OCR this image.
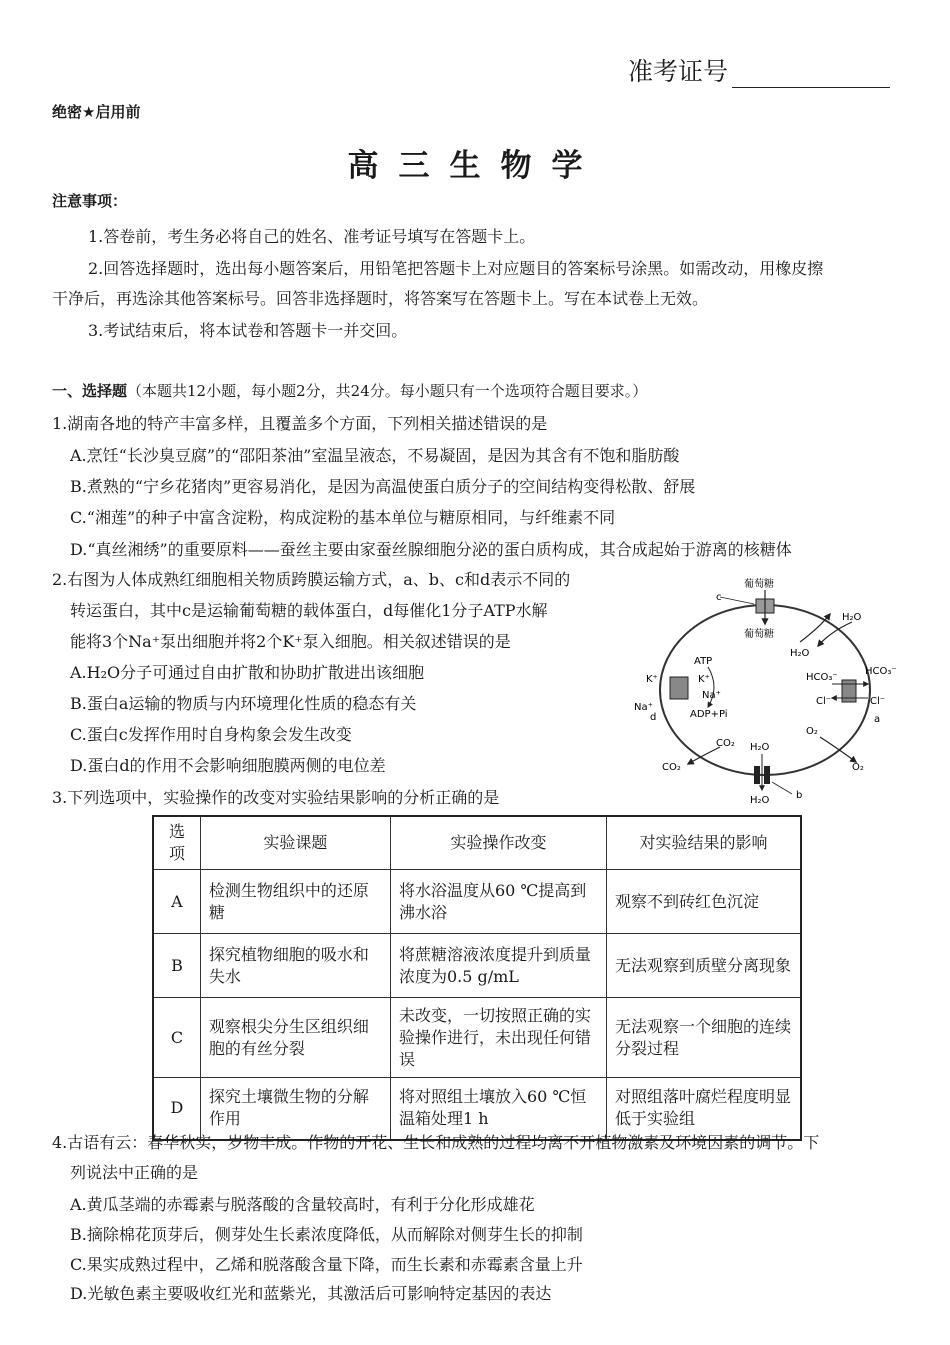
准考证号
绝密★启用前
高三生物学
注意事项：
1.答卷前，考生务必将自己的姓名、准考证号填写在答题卡上。
2.回答选择题时，选出每小题答案后，用铅笔把答题卡上对应题目的答案标号涂黑。如需改动，用橡皮擦
干净后，再选涂其他答案标号。回答非选择题时，将答案写在答题卡上。写在本试卷上无效。
3.考试结束后，将本试卷和答题卡一并交回。
一、选择题（本题共12小题，每小题2分，共24分。每小题只有一个选项符合题目要求。）
1.湖南各地的特产丰富多样，且覆盖多个方面，下列相关描述错误的是
A.烹饪“长沙臭豆腐”的“邵阳茶油”室温呈液态，不易凝固，是因为其含有不饱和脂肪酸
B.煮熟的“宁乡花猪肉”更容易消化，是因为高温使蛋白质分子的空间结构变得松散、舒展
C.“湘莲”的种子中富含淀粉，构成淀粉的基本单位与糖原相同，与纤维素不同
D.“真丝湘绣”的重要原料——蚕丝主要由家蚕丝腺细胞分泌的蛋白质构成，其合成起始于游离的核糖体
2.右图为人体成熟红细胞相关物质跨膜运输方式，a、b、c和d表示不同的
转运蛋白，其中c是运输葡萄糖的载体蛋白，d每催化1分子ATP水解
能将3个Na⁺泵出细胞并将2个K⁺泵入细胞。相关叙述错误的是
A.H₂O分子可通过自由扩散和协助扩散进出该细胞
B.蛋白a运输的物质与内环境理化性质的稳态有关
C.蛋白c发挥作用时自身构象会发生改变
D.蛋白d的作用不会影响细胞膜两侧的电位差
葡萄糖
葡萄糖
c
H₂O
H₂O
ATP
ADP+Pi
K⁺	K⁺
Na⁺
Na⁺
d
HCO₃⁻
HCO₃⁻
Cl⁻	Cl⁻
a
O₂
O₂
CO₂
CO₂
H₂O
H₂O	b
3.下列选项中，实验操作的改变对实验结果影响的分析正确的是
选项	实验课题	实验操作改变	对实验结果的影响
A	检测生物组织中的还原糖	将水浴温度从60 ℃提高到沸水浴	观察不到砖红色沉淀
B	探究植物细胞的吸水和失水	将蔗糖溶液浓度提升到质量浓度为0.5 g/mL	无法观察到质壁分离现象
C	观察根尖分生区组织细胞的有丝分裂	未改变，一切按照正确的实验操作进行，未出现任何错误	无法观察一个细胞的连续分裂过程
D	探究土壤微生物的分解作用	将对照组土壤放入60 ℃恒温箱处理1 h	对照组落叶腐烂程度明显低于实验组
4.古语有云：春华秋实，岁物丰成。作物的开花、生长和成熟的过程均离不开植物激素及环境因素的调节。下
列说法中正确的是
A.黄瓜茎端的赤霉素与脱落酸的含量较高时，有利于分化形成雄花
B.摘除棉花顶芽后，侧芽处生长素浓度降低，从而解除对侧芽生长的抑制
C.果实成熟过程中，乙烯和脱落酸含量下降，而生长素和赤霉素含量上升
D.光敏色素主要吸收红光和蓝紫光，其激活后可影响特定基因的表达
